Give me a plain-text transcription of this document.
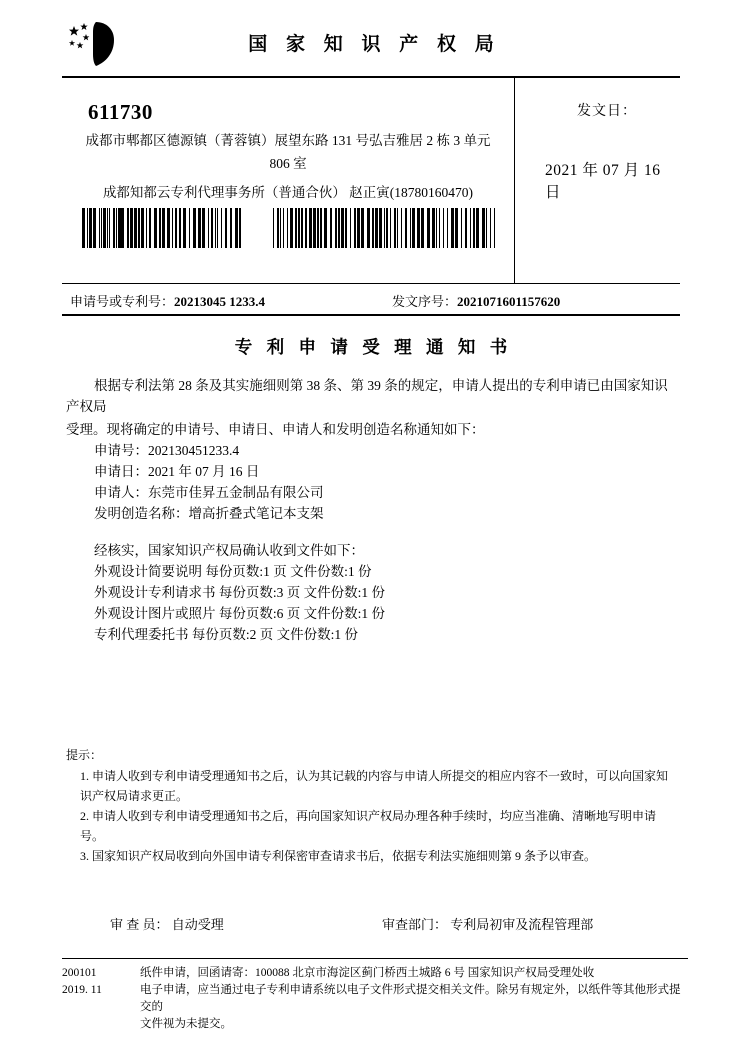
国 家 知 识 产 权 局
611730
成都市郫都区德源镇（菁蓉镇）展望东路 131 号弘吉雅居 2 栋 3 单元
806 室
成都知都云专利代理事务所（普通合伙） 赵正寅(18780160470)
发文日：
2021 年 07 月 16 日
申请号或专利号：20213045 1233.4	发文序号：2021071601157620
专 利 申 请 受 理 通 知 书
根据专利法第 28 条及其实施细则第 38 条、第 39 条的规定，申请人提出的专利申请已由国家知识产权局
受理。现将确定的申请号、申请日、申请人和发明创造名称通知如下：
申请号：202130451233.4
申请日：2021 年 07 月 16 日
申请人：东莞市佳昇五金制品有限公司
发明创造名称：增高折叠式笔记本支架
经核实，国家知识产权局确认收到文件如下：
外观设计简要说明 每份页数:1 页 文件份数:1 份
外观设计专利请求书 每份页数:3 页 文件份数:1 份
外观设计图片或照片 每份页数:6 页 文件份数:1 份
专利代理委托书 每份页数:2 页 文件份数:1 份
提示：
1. 申请人收到专利申请受理通知书之后，认为其记载的内容与申请人所提交的相应内容不一致时，可以向国家知识产权局请求更正。
2. 申请人收到专利申请受理通知书之后，再向国家知识产权局办理各种手续时，均应当准确、清晰地写明申请号。
3. 国家知识产权局收到向外国申请专利保密审查请求书后，依据专利法实施细则第 9 条予以审查。
审 查 员： 自动受理	审查部门： 专利局初审及流程管理部
200101
2019. 11
纸件申请，回函请寄：100088 北京市海淀区蓟门桥西土城路 6 号 国家知识产权局受理处收
电子申请，应当通过电子专利申请系统以电子文件形式提交相关文件。除另有规定外，以纸件等其他形式提交的
文件视为未提交。
